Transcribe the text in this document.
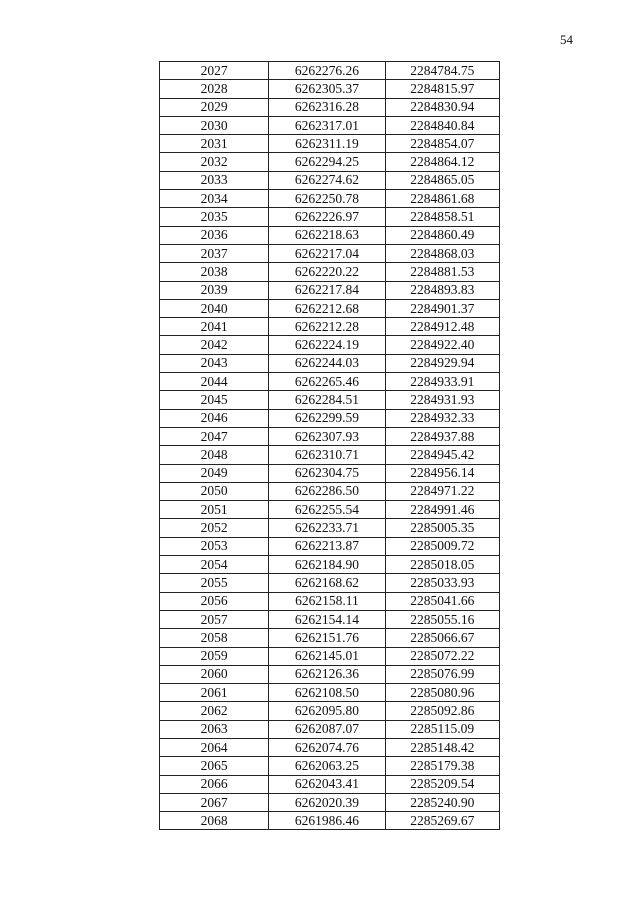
54
2027	6262276.26	2284784.75
2028	6262305.37	2284815.97
2029	6262316.28	2284830.94
2030	6262317.01	2284840.84
2031	6262311.19	2284854.07
2032	6262294.25	2284864.12
2033	6262274.62	2284865.05
2034	6262250.78	2284861.68
2035	6262226.97	2284858.51
2036	6262218.63	2284860.49
2037	6262217.04	2284868.03
2038	6262220.22	2284881.53
2039	6262217.84	2284893.83
2040	6262212.68	2284901.37
2041	6262212.28	2284912.48
2042	6262224.19	2284922.40
2043	6262244.03	2284929.94
2044	6262265.46	2284933.91
2045	6262284.51	2284931.93
2046	6262299.59	2284932.33
2047	6262307.93	2284937.88
2048	6262310.71	2284945.42
2049	6262304.75	2284956.14
2050	6262286.50	2284971.22
2051	6262255.54	2284991.46
2052	6262233.71	2285005.35
2053	6262213.87	2285009.72
2054	6262184.90	2285018.05
2055	6262168.62	2285033.93
2056	6262158.11	2285041.66
2057	6262154.14	2285055.16
2058	6262151.76	2285066.67
2059	6262145.01	2285072.22
2060	6262126.36	2285076.99
2061	6262108.50	2285080.96
2062	6262095.80	2285092.86
2063	6262087.07	2285115.09
2064	6262074.76	2285148.42
2065	6262063.25	2285179.38
2066	6262043.41	2285209.54
2067	6262020.39	2285240.90
2068	6261986.46	2285269.67
